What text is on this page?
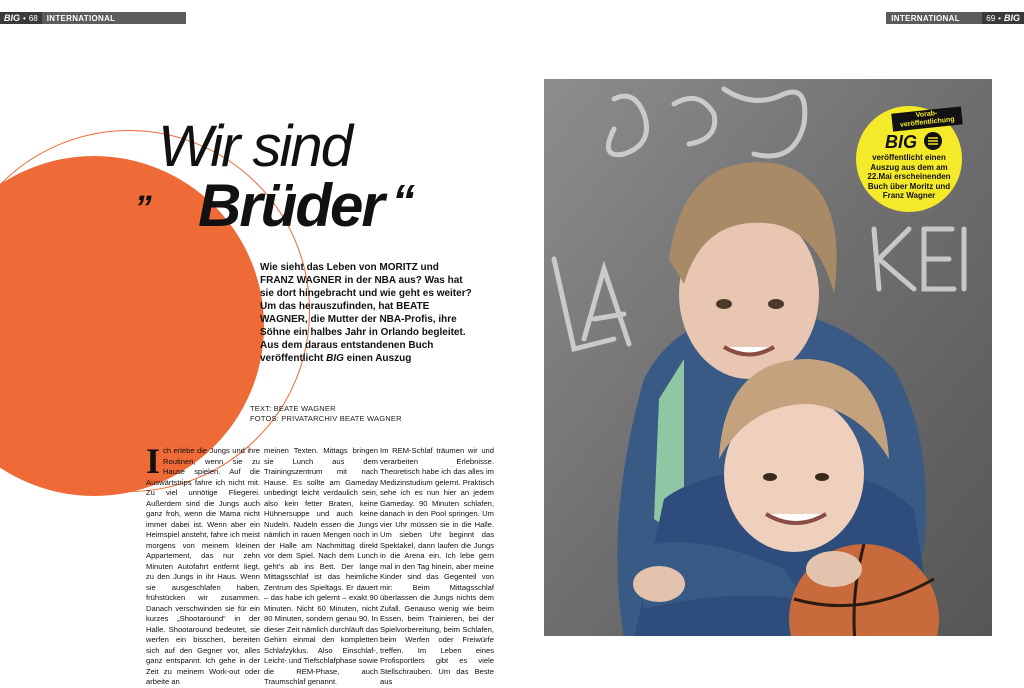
BIG • 68	INTERNATIONAL	INTERNATIONAL	69 • BIG
Wir sind
„ Brüder “
Wie sieht das Leben von MORITZ und FRANZ WAGNER in der NBA aus? Was hat sie dort hingebracht und wie geht es weiter? Um das herauszufinden, hat BEATE WAGNER, die Mutter der NBA-Profis, ihre Söhne ein halbes Jahr in Orlando begleitet. Aus dem daraus entstandenen Buch veröffentlicht BIG einen Auszug
TEXT: BEATE WAGNER
FOTOS: PRIVATARCHIV BEATE WAGNER
Ich erlebe die Jungs und ihre Routinen, wenn sie zu Hause spielen. Auf die Auswärtstrips fahre ich nicht mit. Zu viel unnötige Fliegerei. Außerdem sind die Jungs auch ganz froh, wenn die Mama nicht immer dabei ist. Wenn aber ein Heimspiel ansteht, fahre ich meist morgens von meinem kleinen Appartement, das nur zehn Minuten Autofahrt entfernt liegt, zu den Jungs in ihr Haus. Wenn sie ausgeschlafen haben, frühstücken wir zusammen. Danach verschwinden sie für ein kurzes „Shootaround“ in der Halle. Shootaround bedeutet, sie werfen ein bisschen, bereiten sich auf den Gegner vor, alles ganz entspannt. Ich gehe in der Zeit zu meinem Work-out oder arbeite an
meinen Texten. Mittags bringen sie Lunch aus dem Trainingszentrum mit nach Hause. Es sollte am Gameday unbedingt leicht verdaulich sein, also kein fetter Braten, keine Hühnersuppe und auch keine Nudeln. Nudeln essen die Jungs nämlich in rauen Mengen noch in der Halle am Nachmittag direkt vor dem Spiel. Nach dem Lunch geht's ab ins Bett. Der lange Mittagsschlaf ist das heimliche Zentrum des Spieltags. Er dauert – das habe ich gelernt – exakt 90 Minuten. Nicht 60 Minuten, nicht 80 Minuten, sondern genau 90. In dieser Zeit nämlich durchläuft das Gehirn einmal den kompletten Schlafzyklus. Also Einschlaf-, Leicht- und Tiefschlafphase sowie die REM-Phase, auch Traumschlaf genannt.
Im REM-Schlaf träumen wir und verarbeiten Erlebnisse. Theoretisch habe ich das alles im Medizinstudium gelernt. Praktisch sehe ich es nun hier an jedem Gameday. 90 Minuten schlafen, danach in den Pool springen. Um vier Uhr müssen sie in die Halle. Um sieben Uhr beginnt das Spektakel, dann laufen die Jungs in die Arena ein. Ich lebe gern mal in den Tag hinein, aber meine Kinder sind das Gegenteil von mir: Beim Mittagsschlaf überlassen die Jungs nichts dem Zufall. Genauso wenig wie beim Essen, beim Trainieren, bei der Spielvorbereitung, beim Schlafen, beim Werfen oder Freiwürfe treffen. Im Leben eines Profisportlers gibt es viele Stellschrauben. Um das Beste aus
Vorab-veröffentlichung
BIG
veröffentlicht einen Auszug aus dem am 22.Mai erscheinenden Buch über Moritz und Franz Wagner
